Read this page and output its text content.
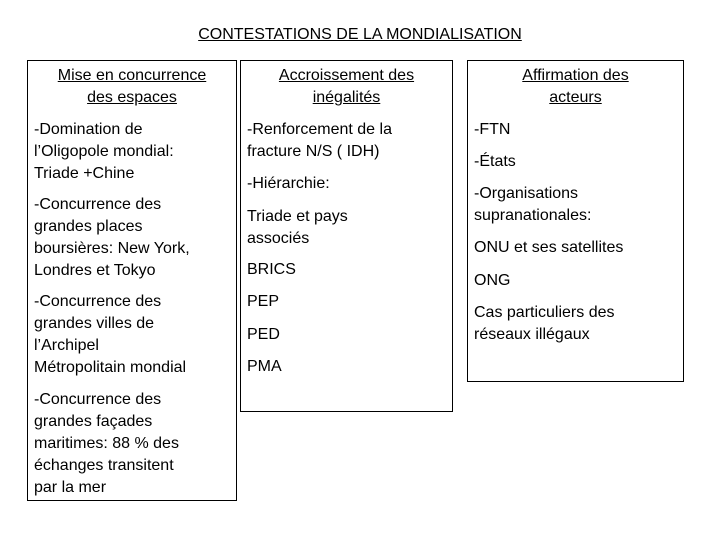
CONTESTATIONS DE LA MONDIALISATION
Mise en concurrence
des espaces
-Domination de
l’Oligopole mondial:
Triade +Chine
-Concurrence des
grandes places
boursières: New York,
Londres et Tokyo
-Concurrence des
grandes villes de
l’Archipel
Métropolitain mondial
-Concurrence des
grandes façades
maritimes: 88 % des
échanges transitent
par la mer
Accroissement des
inégalités
-Renforcement de la
fracture N/S ( IDH)
-Hiérarchie:
Triade et pays
associés
BRICS
PEP
PED
PMA
Affirmation des
acteurs
-FTN
-États
-Organisations
supranationales:
ONU et ses satellites
ONG
Cas particuliers des
réseaux illégaux
